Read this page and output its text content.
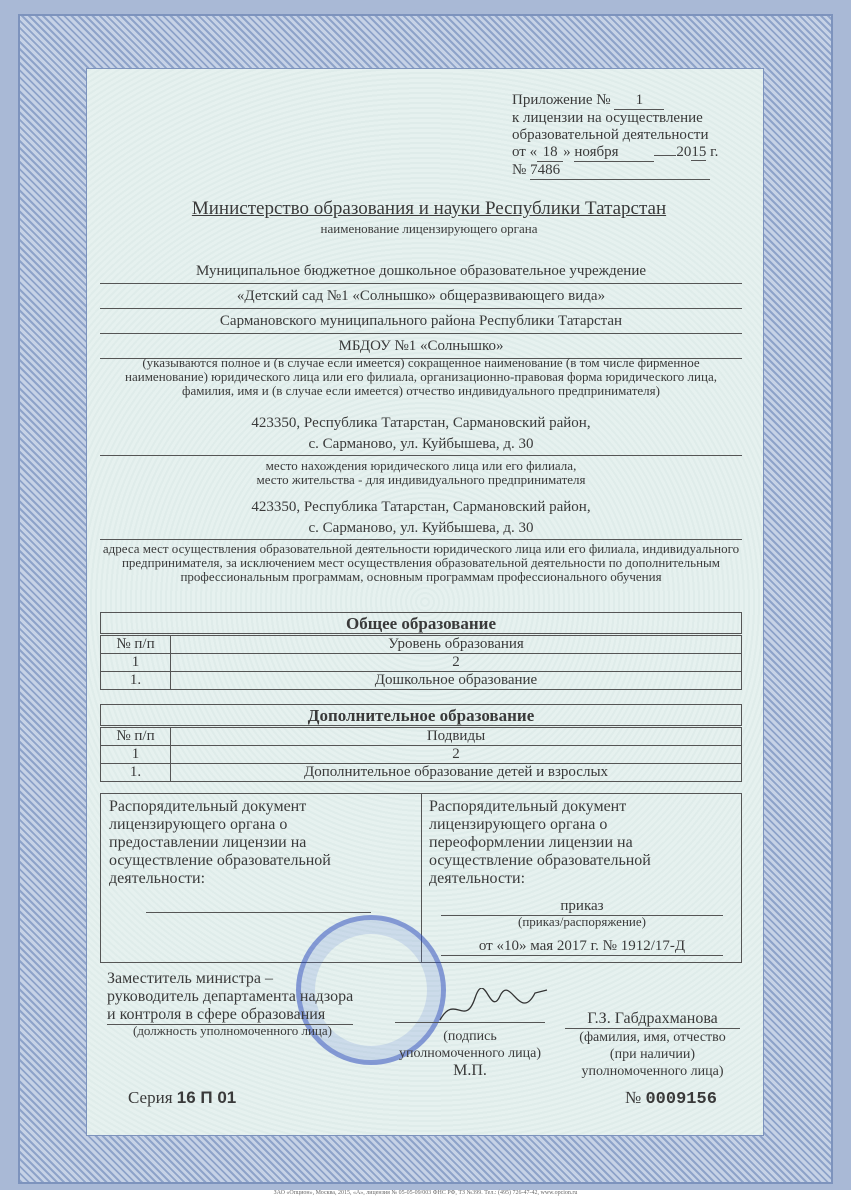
Приложение № 1
к лицензии на осуществление
образовательной деятельности
от « 18 » ноября	2015 г.
№ 7486
Министерство образования и науки Республики Татарстан
наименование лицензирующего органа
Муниципальное бюджетное дошкольное образовательное учреждение
«Детский сад №1 «Солнышко» общеразвивающего вида»
Сармановского муниципального района Республики Татарстан
МБДОУ №1 «Солнышко»
(указываются полное и (в случае если имеется) сокращенное наименование (в том числе фирменное наименование) юридического лица или его филиала, организационно-правовая форма юридического лица, фамилия, имя и (в случае если имеется) отчество индивидуального предпринимателя)
423350, Республика Татарстан, Сармановский район,
с. Сарманово, ул. Куйбышева, д. 30
место нахождения юридического лица или его филиала,
место жительства - для индивидуального предпринимателя
423350, Республика Татарстан, Сармановский район,
с. Сарманово, ул. Куйбышева, д. 30
адреса мест осуществления образовательной деятельности юридического лица или его филиала, индивидуального предпринимателя, за исключением мест осуществления образовательной деятельности по дополнительным профессиональным программам, основным программам профессионального обучения
Общее образование
№ п/п	Уровень образования
1	2
1.	Дошкольное образование
Дополнительное образование
№ п/п	Подвиды
1	2
1.	Дополнительное образование детей и взрослых
Распорядительный документ лицензирующего органа о предоставлении лицензии на осуществление образовательной деятельности:
Распорядительный документ лицензирующего органа о переоформлении лицензии на осуществление образовательной деятельности:
приказ
(приказ/распоряжение)
от «10» мая 2017 г. № 1912/17-Д
Заместитель министра –
руководитель департамента надзора
и контроля в сфере образования
(должность уполномоченного лица)	(подпись
уполномоченного лица)
М.П.
Г.З. Габдрахманова
(фамилия, имя, отчество
(при наличии)
уполномоченного лица)
Серия 16 П 01	№ 0009156
ЗАО «Опцион», Москва, 2015, «А», лицензия № 05-05-09/003 ФНС РФ, ТЗ №399. Тел.: (495) 726-47-42, www.opcion.ru
